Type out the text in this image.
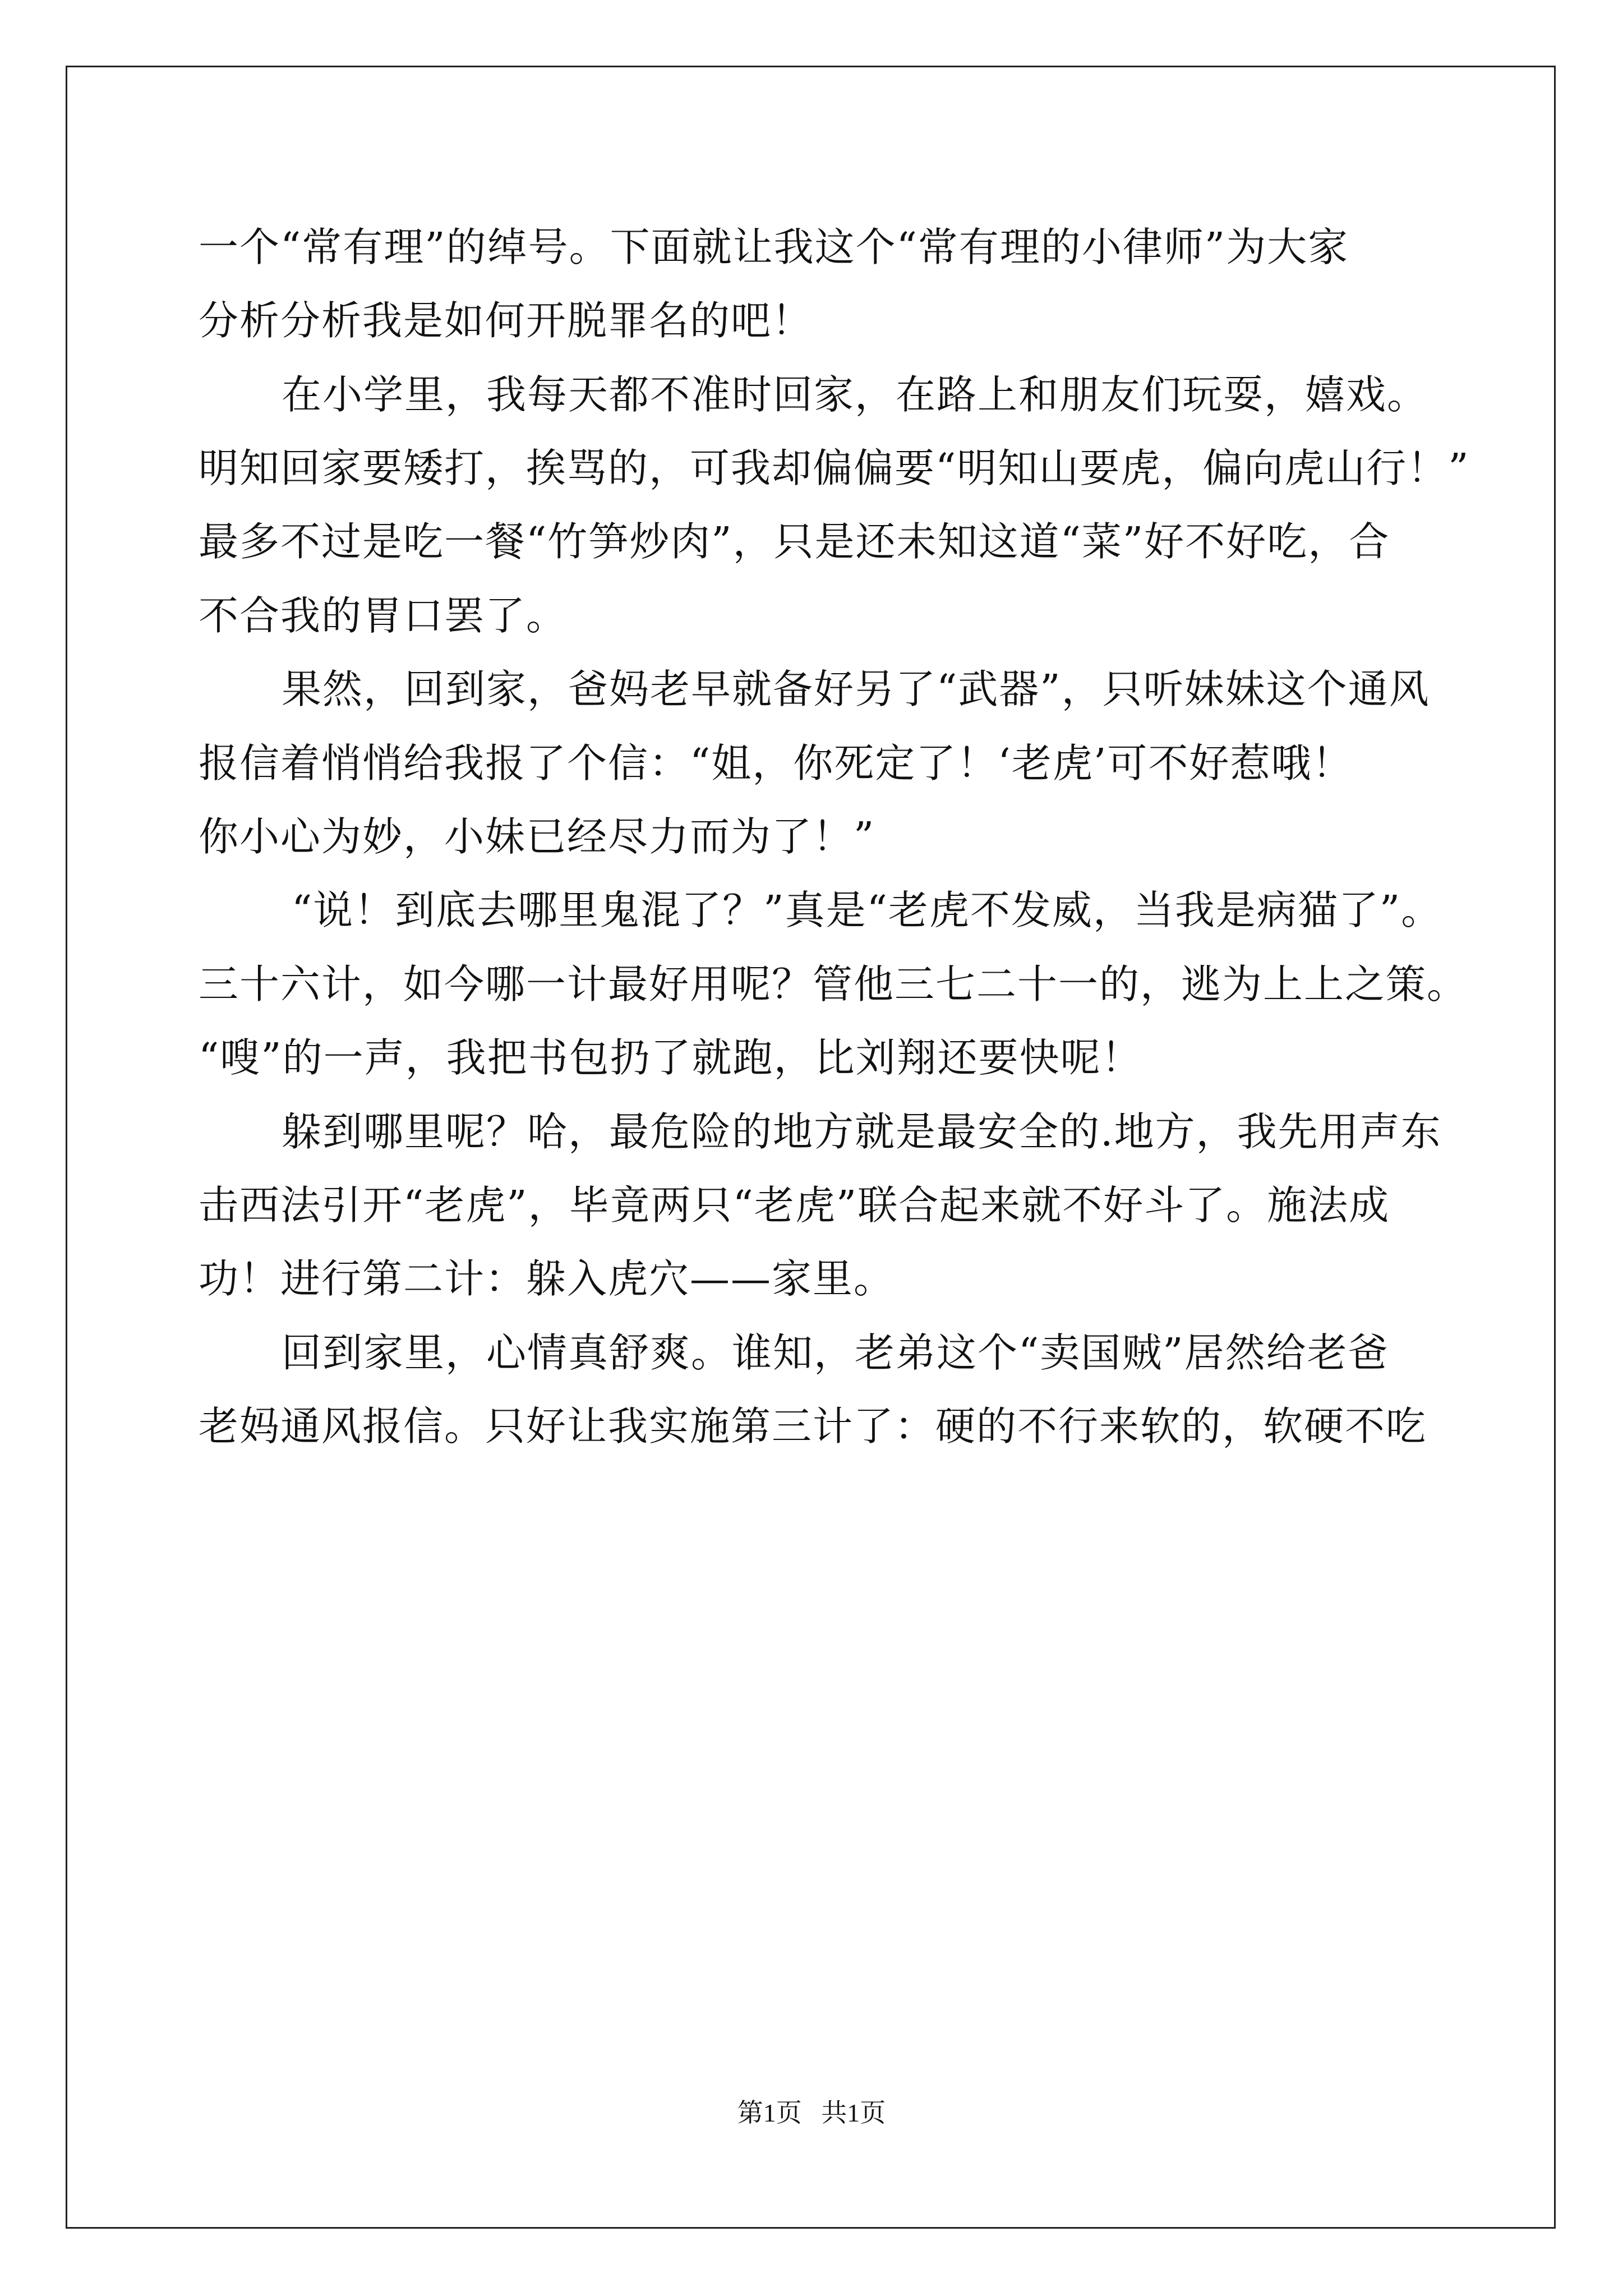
一个“常有理”的绰号。下面就让我这个“常有理的小律师”为大家
分析分析我是如何开脱罪名的吧！
在小学里，我每天都不准时回家，在路上和朋友们玩耍，嬉戏。
明知回家要矮打，挨骂的，可我却偏偏要“明知山要虎，偏向虎山行！”
最多不过是吃一餐“竹笋炒肉”，只是还未知这道“菜”好不好吃，合
不合我的胃口罢了。
果然，回到家，爸妈老早就备好另了“武器”，只听妹妹这个通风
报信着悄悄给我报了个信：“姐，你死定了！‘老虎’可不好惹哦！
你小心为妙，小妹已经尽力而为了！”
“说！到底去哪里鬼混了？”真是“老虎不发威，当我是病猫了”。
三十六计，如今哪一计最好用呢？管他三七二十一的，逃为上上之策。
“嗖”的一声，我把书包扔了就跑，比刘翔还要快呢！
躲到哪里呢？哈，最危险的地方就是最安全的.地方，我先用声东
击西法引开“老虎”，毕竟两只“老虎”联合起来就不好斗了。施法成
功！进行第二计：躲入虎穴——家里。
回到家里，心情真舒爽。谁知，老弟这个“卖国贼”居然给老爸
老妈通风报信。只好让我实施第三计了：硬的不行来软的，软硬不吃
第1页   共1页
